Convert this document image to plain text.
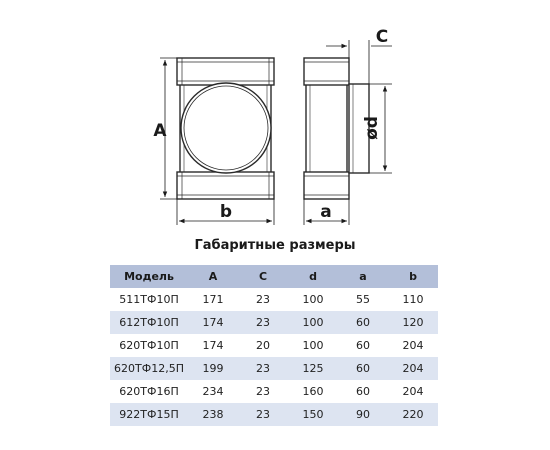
A
b
C
ød
a
Габаритные размеры
Модель	A	C	d	a	b
511ТФ10П	171	23	100	55	110
612ТФ10П	174	23	100	60	120
620ТФ10П	174	20	100	60	204
620ТФ12,5П	199	23	125	60	204
620ТФ16П	234	23	160	60	204
922ТФ15П	238	23	150	90	220
